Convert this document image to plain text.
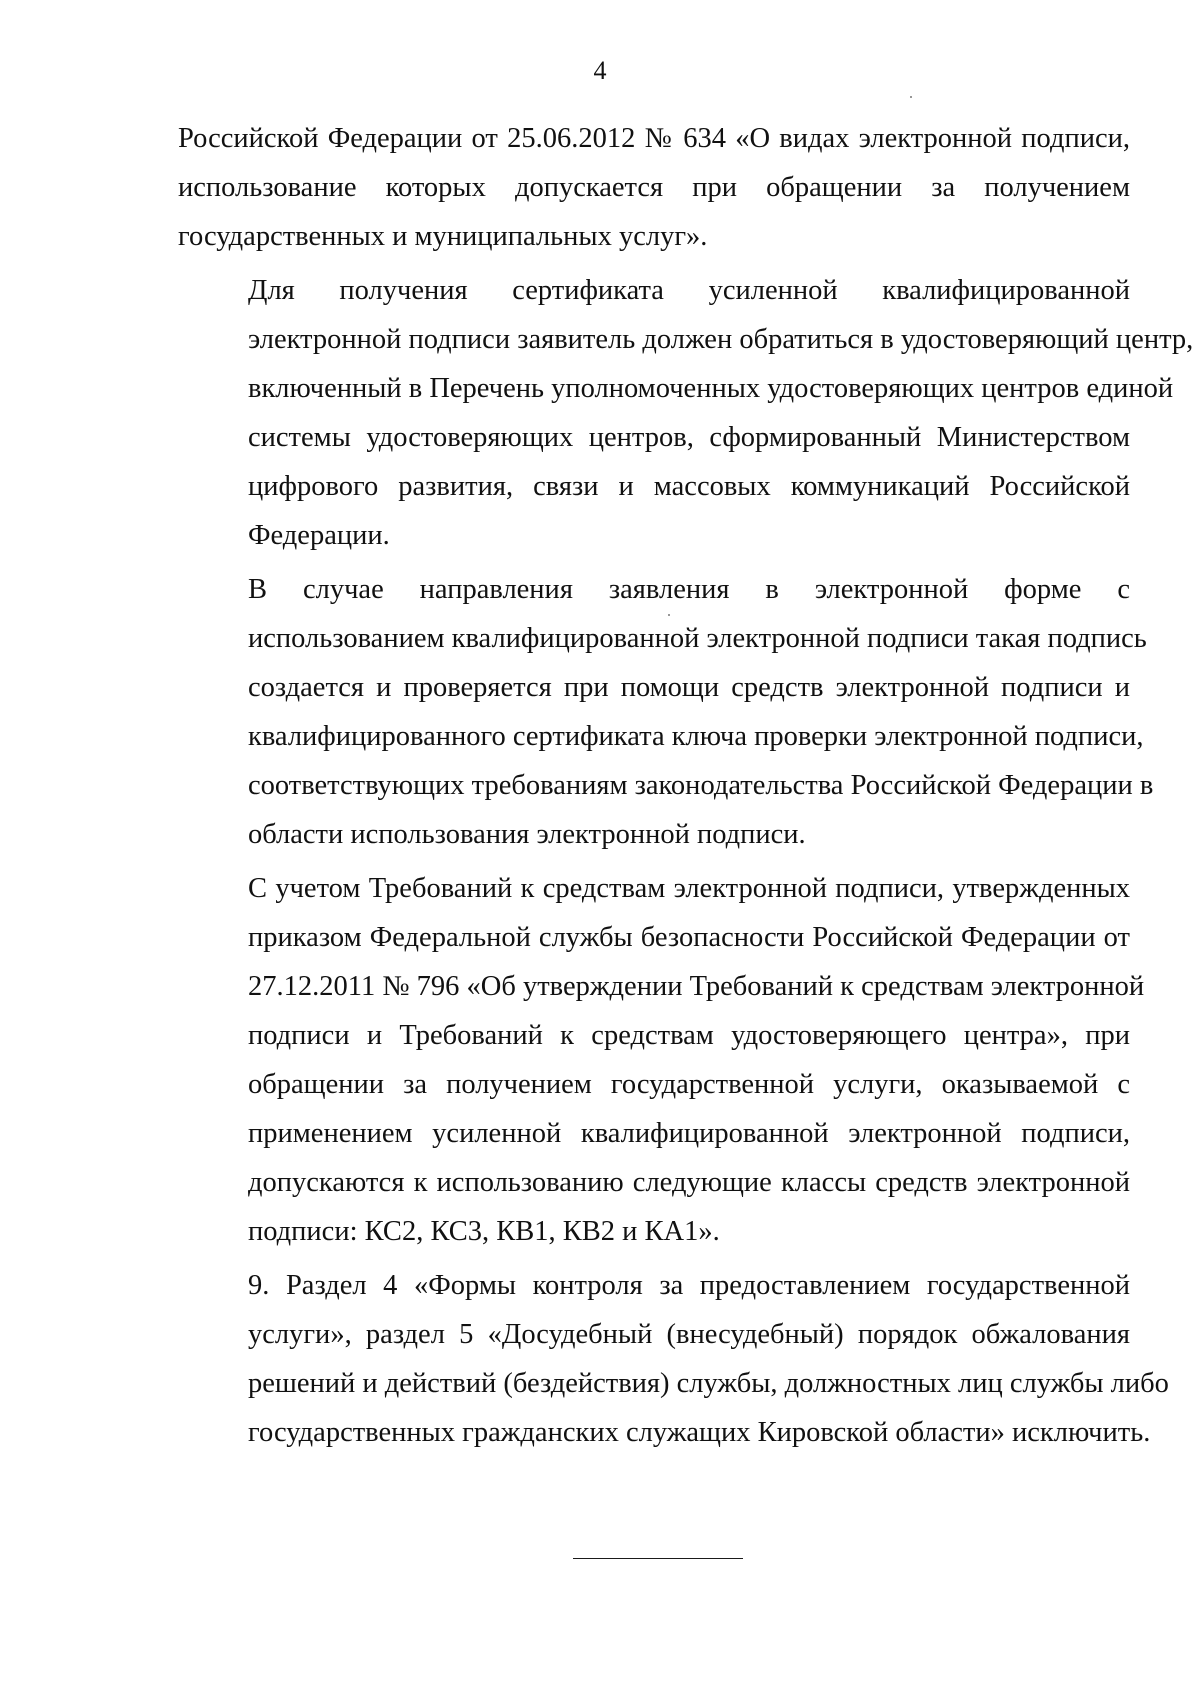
4
Российской Федерации от 25.06.2012 № 634 «О видах электронной подписи,
использование которых допускается при обращении за получением
государственных и муниципальных услуг».
Для получения сертификата усиленной квалифицированной
электронной подписи заявитель должен обратиться в удостоверяющий центр,
включенный в Перечень уполномоченных удостоверяющих центров единой
системы удостоверяющих центров, сформированный Министерством
цифрового развития, связи и массовых коммуникаций Российской
Федерации.
В случае направления заявления в электронной форме с
использованием квалифицированной электронной подписи такая подпись
создается и проверяется при помощи средств электронной подписи и
квалифицированного сертификата ключа проверки электронной подписи,
соответствующих требованиям законодательства Российской Федерации в
области использования электронной подписи.
С учетом Требований к средствам электронной подписи, утвержденных
приказом Федеральной службы безопасности Российской Федерации от
27.12.2011 № 796 «Об утверждении Требований к средствам электронной
подписи и Требований к средствам удостоверяющего центра», при
обращении за получением государственной услуги, оказываемой с
применением усиленной квалифицированной электронной подписи,
допускаются к использованию следующие классы средств электронной
подписи: КС2, КС3, КВ1, КВ2 и КА1».
9. Раздел 4 «Формы контроля за предоставлением государственной
услуги», раздел 5 «Досудебный (внесудебный) порядок обжалования
решений и действий (бездействия) службы, должностных лиц службы либо
государственных гражданских служащих Кировской области» исключить.
